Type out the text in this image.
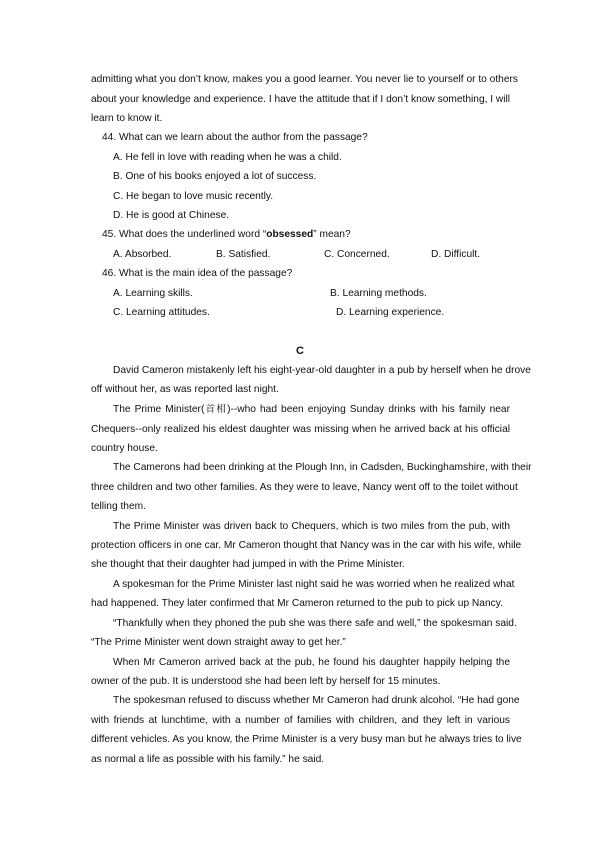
admitting what you don’t know, makes you a good learner. You never lie to yourself or to others
about your knowledge and experience. I have the attitude that if I don’t know something, I will
learn to know it.
44. What can we learn about the author from the passage?
A. He fell in love with reading when he was a child.
B. One of his books enjoyed a lot of success.
C. He began to love music recently.
D. He is good at Chinese.
45. What does the underlined word “obsessed” mean?
A. Absorbed.	B. Satisfied.	C. Concerned.	D. Difficult.
46. What is the main idea of the passage?
A. Learning skills.	B. Learning methods.
C. Learning attitudes.	D. Learning experience.
C
David Cameron mistakenly left his eight-year-old daughter in a pub by herself when he drove
off without her, as was reported last night.
The Prime Minister(首相)--who had been enjoying Sunday drinks with his family near
Chequers--only realized his eldest daughter was missing when he arrived back at his official
country house.
The Camerons had been drinking at the Plough Inn, in Cadsden, Buckinghamshire, with their
three children and two other families. As they were to leave, Nancy went off to the toilet without
telling them.
The Prime Minister was driven back to Chequers, which is two miles from the pub, with
protection officers in one car. Mr Cameron thought that Nancy was in the car with his wife, while
she thought that their daughter had jumped in with the Prime Minister.
A spokesman for the Prime Minister last night said he was worried when he realized what
had happened. They later confirmed that Mr Cameron returned to the pub to pick up Nancy.
“Thankfully when they phoned the pub she was there safe and well,” the spokesman said.
“The Prime Minister went down straight away to get her.”
When Mr Cameron arrived back at the pub, he found his daughter happily helping the
owner of the pub. It is understood she had been left by herself for 15 minutes.
The spokesman refused to discuss whether Mr Cameron had drunk alcohol. “He had gone
with friends at lunchtime, with a number of families with children, and they left in various
different vehicles. As you know, the Prime Minister is a very busy man but he always tries to live
as normal a life as possible with his family.” he said.
